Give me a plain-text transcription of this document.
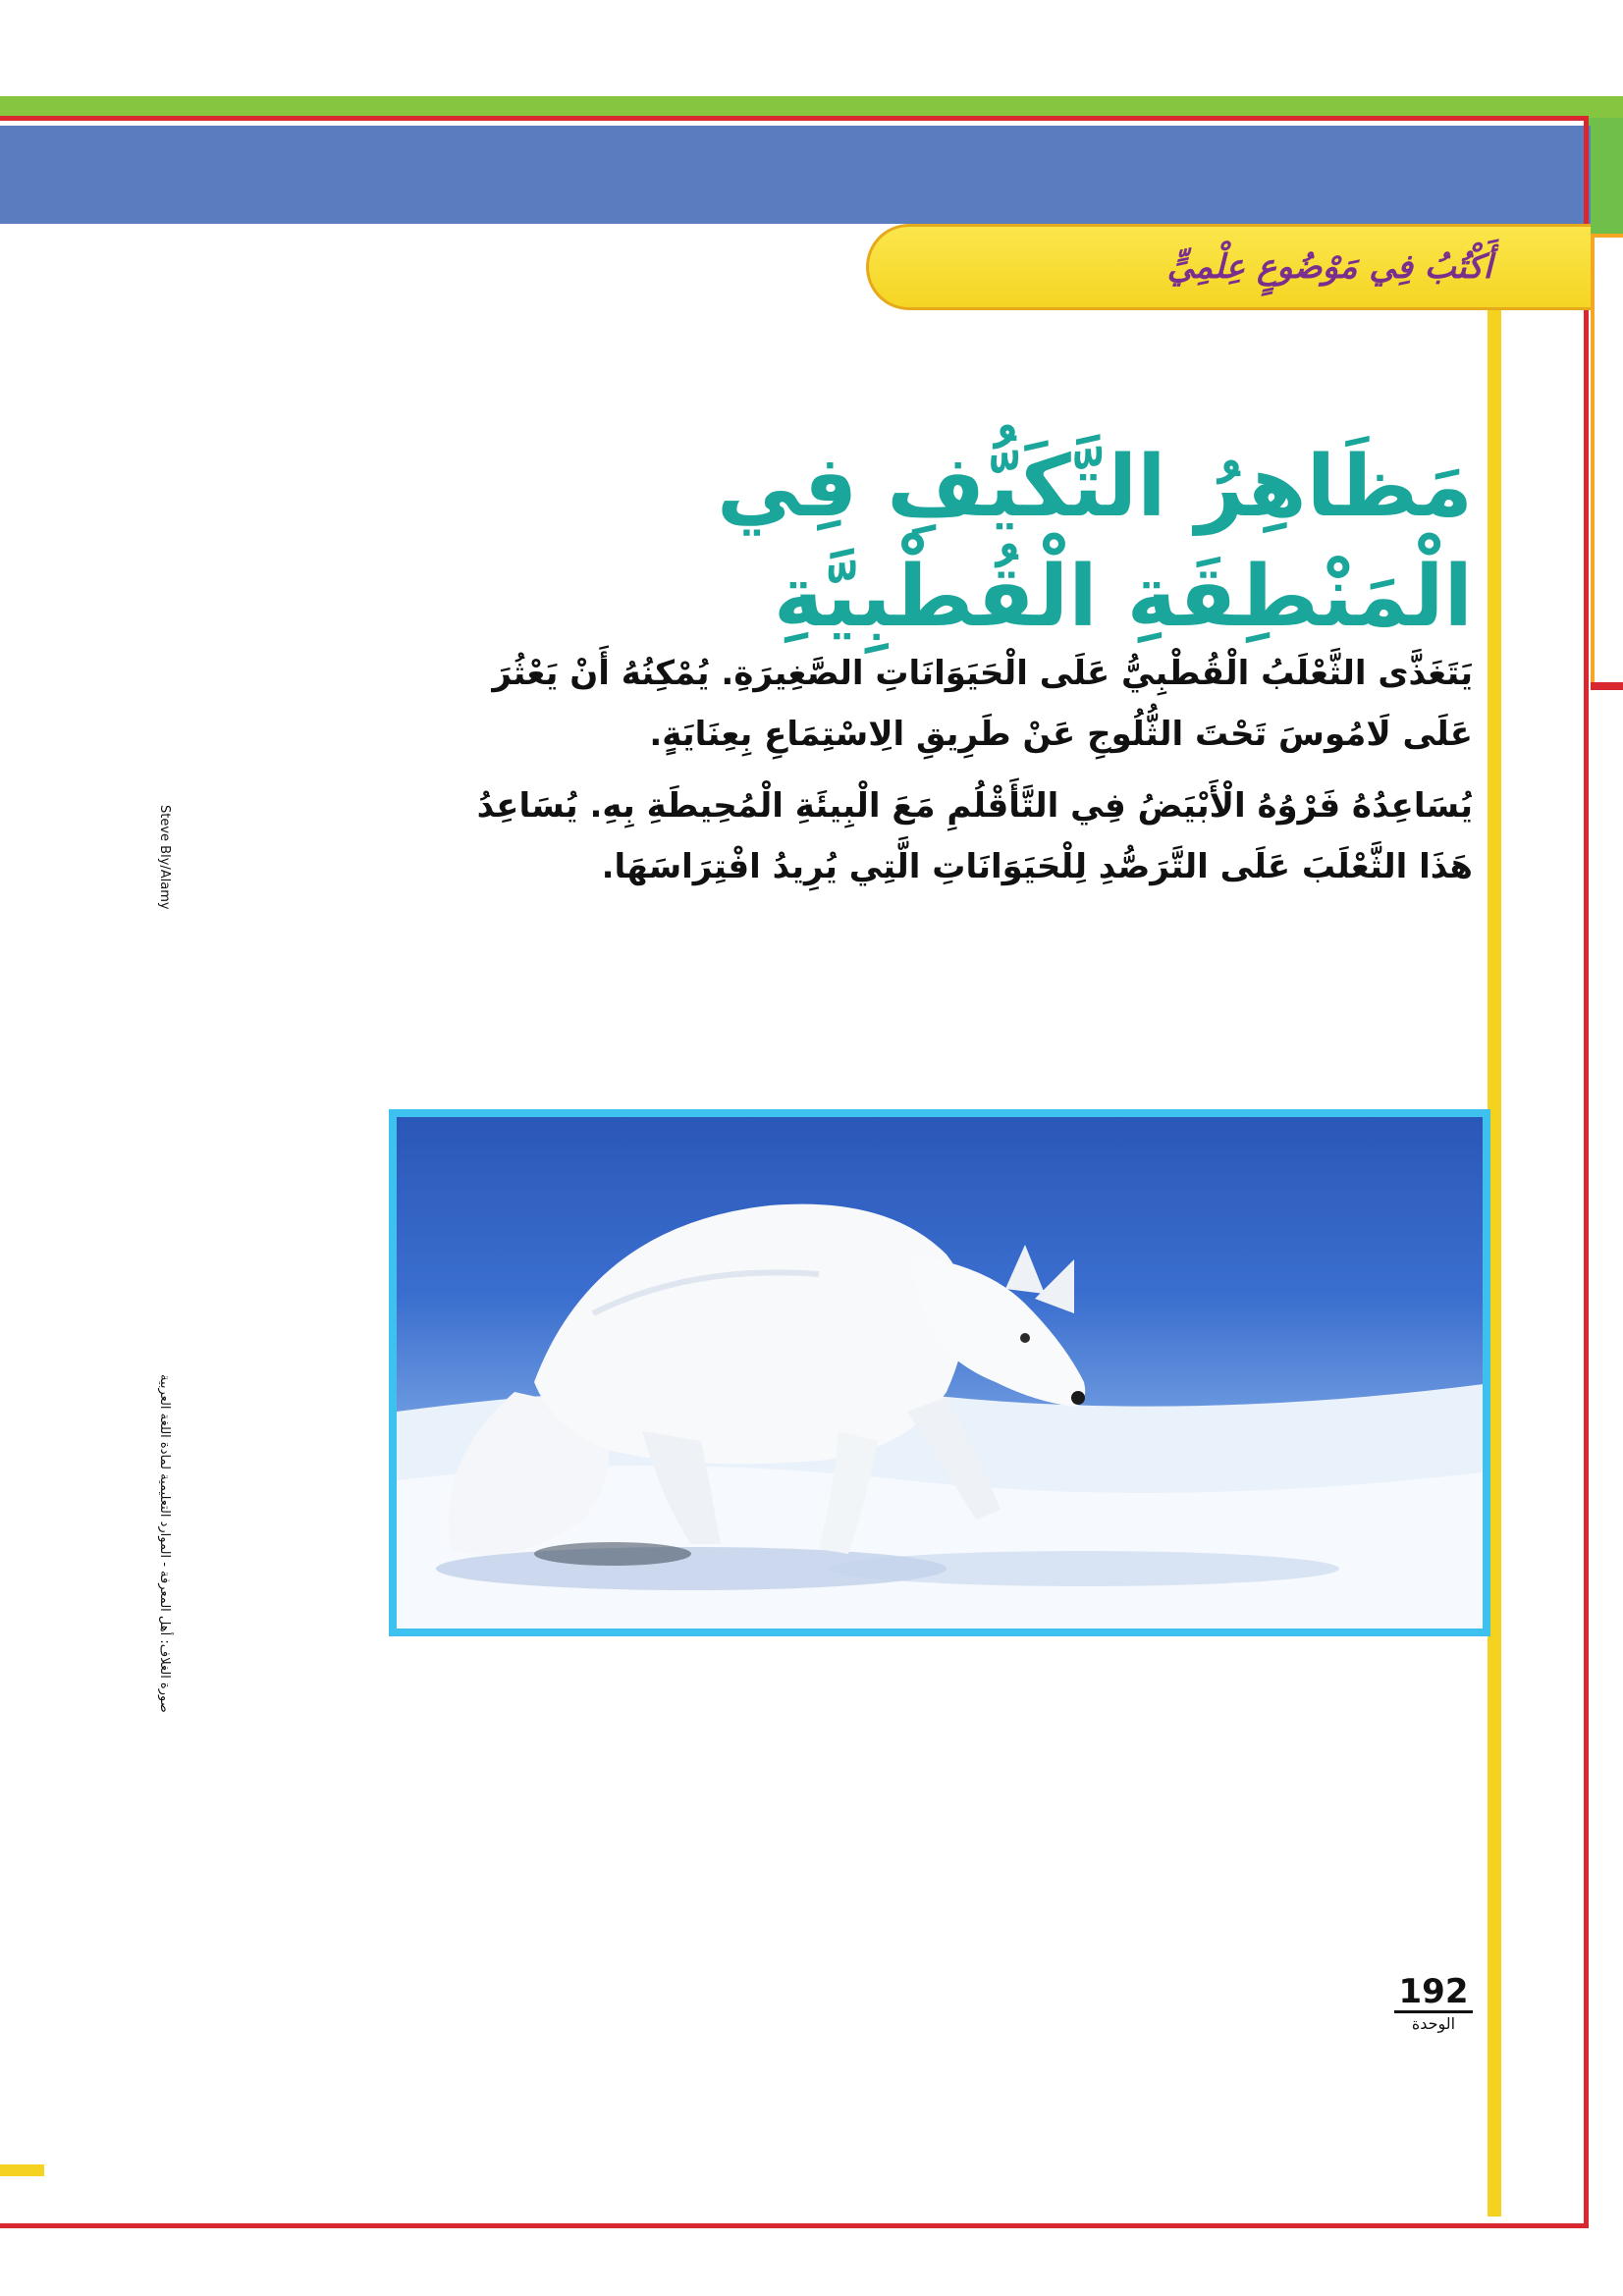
أَكْتُبُ فِي مَوْضُوعٍ عِلْمِيٍّ
مَظَاهِرُ التَّكَيُّفِ فِي
الْمَنْطِقَةِ الْقُطْبِيَّةِ
يَتَغَذَّى الثَّعْلَبُ الْقُطْبِيُّ عَلَى الْحَيَوَانَاتِ الصَّغِيرَةِ. يُمْكِنُهُ أَنْ يَعْثُرَ عَلَى لَامُوسَ تَحْتَ الثُّلُوجِ عَنْ طَرِيقِ الِاسْتِمَاعِ بِعِنَايَةٍ.
يُسَاعِدُهُ فَرْوُهُ الْأَبْيَضُ فِي التَّأَقْلُمِ مَعَ الْبِيئَةِ الْمُحِيطَةِ بِهِ. يُسَاعِدُ هَذَا الثَّعْلَبَ عَلَى التَّرَصُّدِ لِلْحَيَوَانَاتِ الَّتِي يُرِيدُ افْتِرَاسَهَا.
Steve Bly/Alamy
صورة الغلاف: أهل المعرفة - الموارد التعليمية لمادة اللغة العربية
192
الوحدة
